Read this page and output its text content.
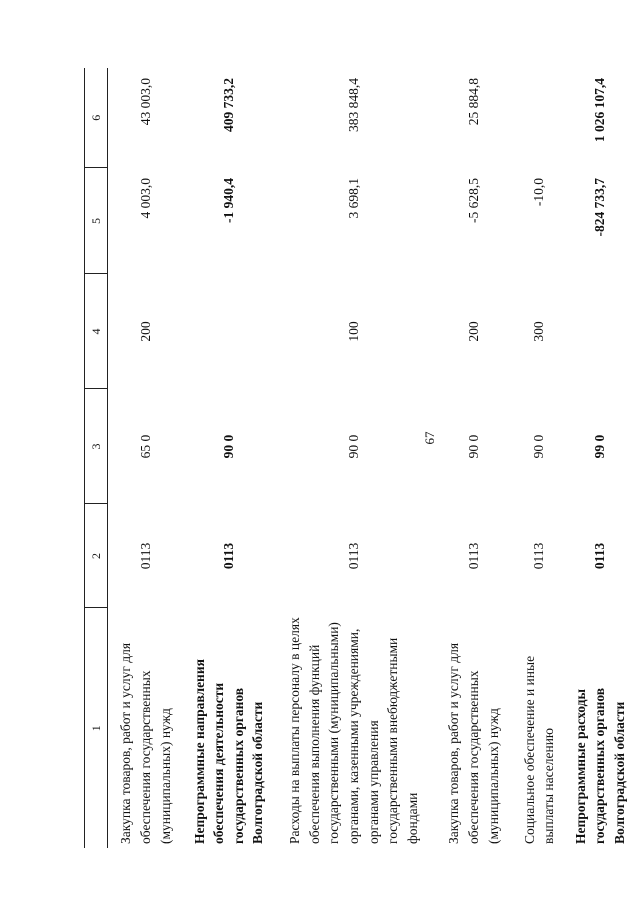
67
1	2	3	4	5	6
Закупка товаров, работ и услуг для обеспечения государственных (муниципальных) нужд	0113	65 0	200	4 003,0	43 003,0
Непрограммные направления обеспечения деятельности государственных органов Волгоградской области	0113	90 0		-1 940,4	409 733,2
Расходы на выплаты персоналу в целях обеспечения выполнения функций государственными (муниципальными) органами, казенными учреждениями, органами управления государственными внебюджетными фондами	0113	90 0	100	3 698,1	383 848,4
Закупка товаров, работ и услуг для обеспечения государственных (муниципальных) нужд	0113	90 0	200	-5 628,5	25 884,8
Социальное обеспечение и иные выплаты населению	0113	90 0	300	-10,0	
Непрограммные расходы государственных органов Волгоградской области	0113	99 0		-824 733,7	1 026 107,4
